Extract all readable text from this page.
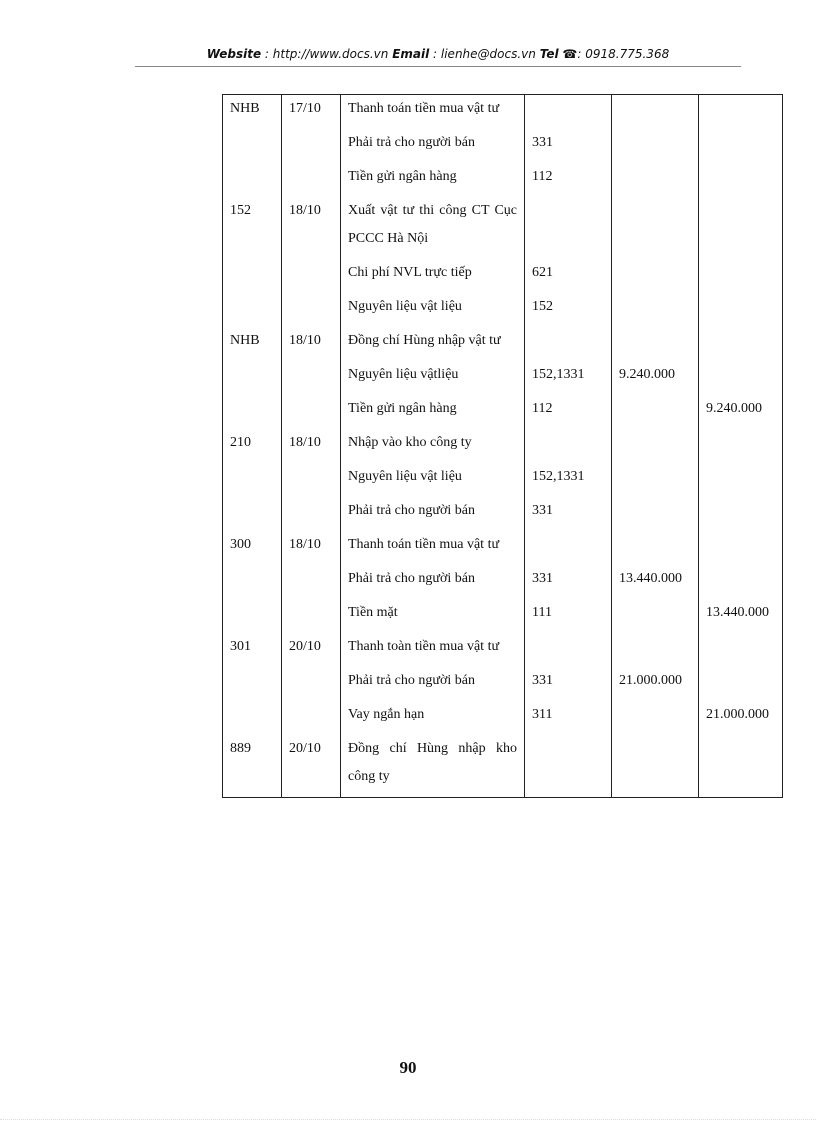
Website : http://www.docs.vn Email : lienhe@docs.vn Tel ☎: 0918.775.368
NHB	17/10	Thanh toán tiền mua vật tư			
		Phải trả cho người bán	331		
		Tiền gửi ngân hàng	112		
152	18/10	Xuất vật tư thi công CT Cục PCCC Hà Nội			
		Chi phí NVL trực tiếp	621		
		Nguyên liệu vật liệu	152		
NHB	18/10	Đồng chí Hùng nhập vật tư			
		Nguyên liệu vậtliệu	152,1331	9.240.000	
		Tiền gửi ngân hàng	112		9.240.000
210	18/10	Nhập vào kho công ty			
		Nguyên liệu vật liệu	152,1331		
		Phải trả cho người bán	331		
300	18/10	Thanh toán tiền mua vật tư			
		Phải trả cho người bán	331	13.440.000	
		Tiền mặt	111		13.440.000
301	20/10	Thanh toàn tiền mua vật tư			
		Phải trả cho người bán	331	21.000.000	
		Vay ngắn hạn	311		21.000.000
889	20/10	Đồng chí Hùng nhập kho công ty			
90
